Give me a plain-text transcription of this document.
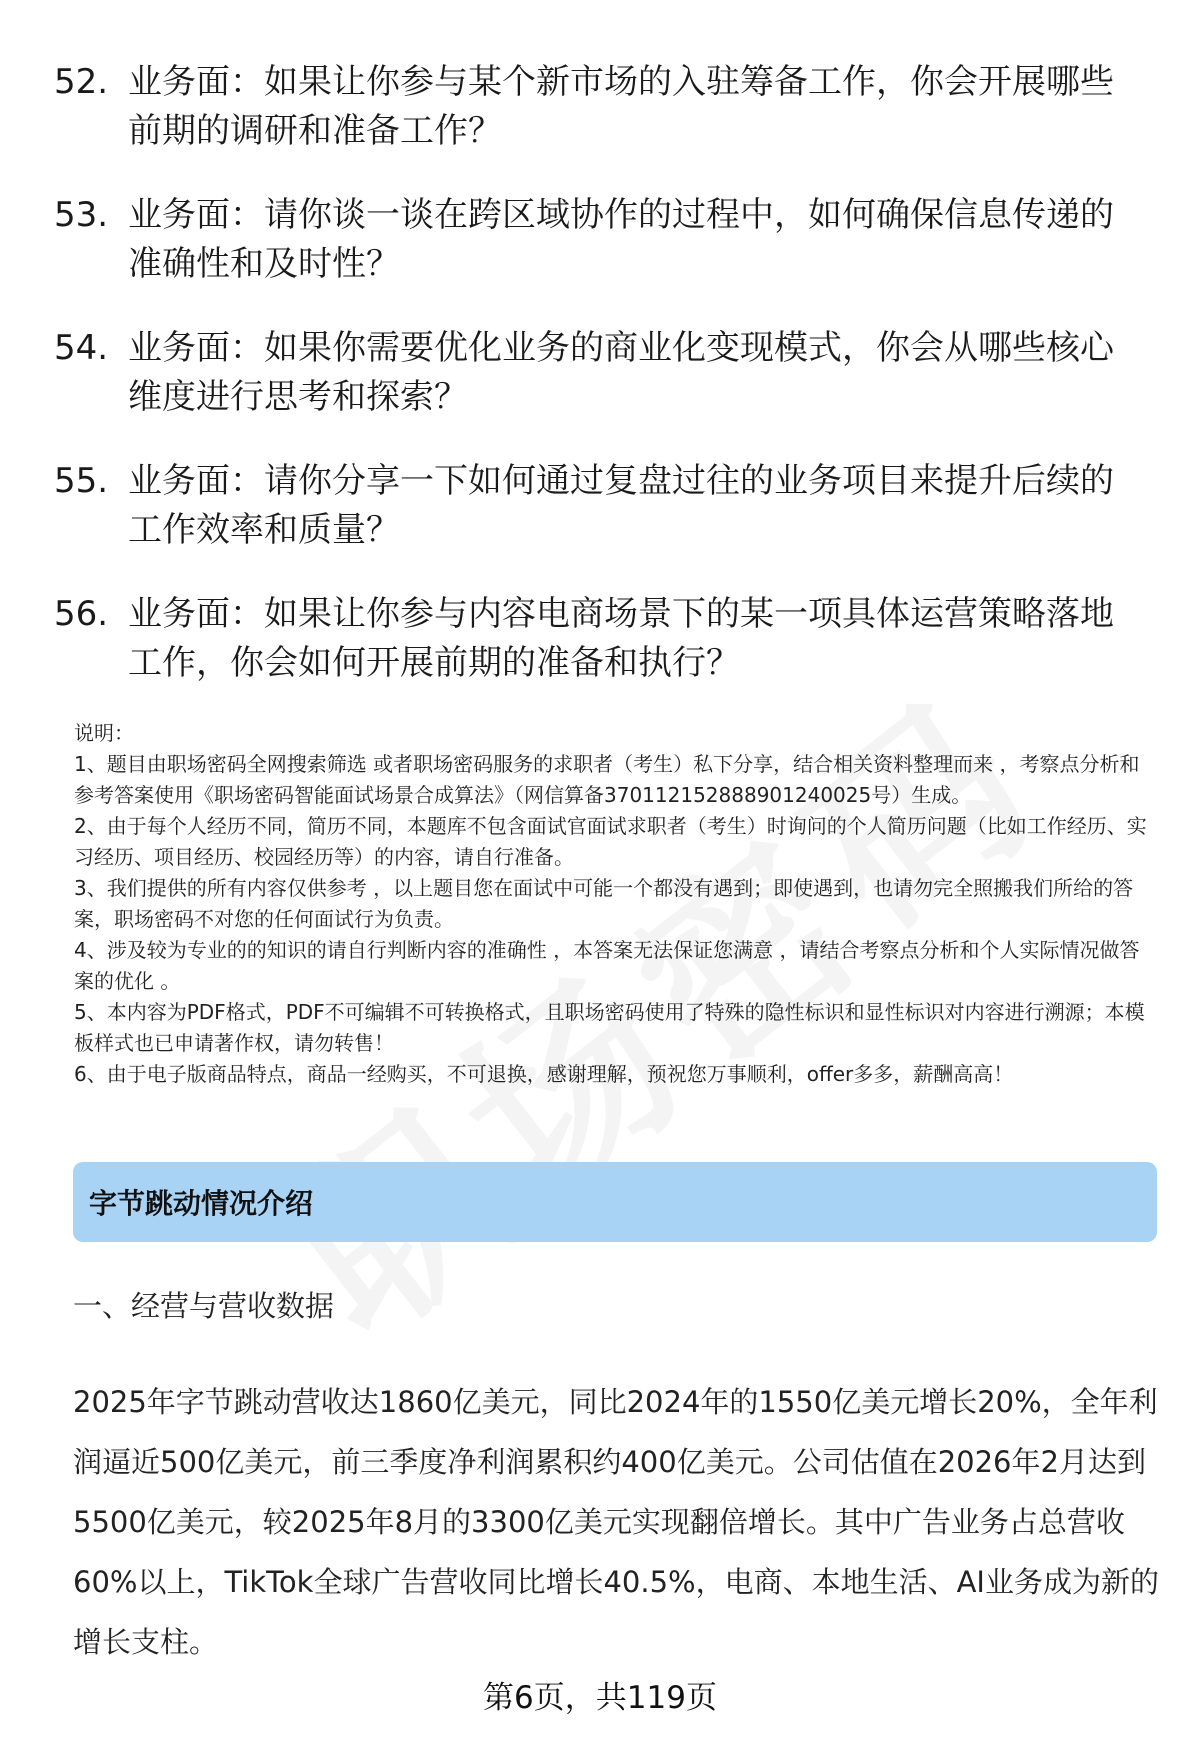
52. 业务面：如果让你参与某个新市场的入驻筹备工作，你会开展哪些前期的调研和准备工作？
53. 业务面：请你谈一谈在跨区域协作的过程中，如何确保信息传递的准确性和及时性？
54. 业务面：如果你需要优化业务的商业化变现模式，你会从哪些核心维度进行思考和探索？
55. 业务面：请你分享一下如何通过复盘过往的业务项目来提升后续的工作效率和质量？
56. 业务面：如果让你参与内容电商场景下的某一项具体运营策略落地工作，你会如何开展前期的准备和执行？
说明：
1、题目由职场密码全网搜索筛选 或者职场密码服务的求职者（考生）私下分享，结合相关资料整理而来 ，考察点分析和参考答案使用《职场密码智能面试场景合成算法》（网信算备370112152888901240025号）生成。
2、由于每个人经历不同，简历不同，本题库不包含面试官面试求职者（考生）时询问的个人简历问题（比如工作经历、实习经历、项目经历、校园经历等）的内容，请自行准备。
3、我们提供的所有内容仅供参考 ，以上题目您在面试中可能一个都没有遇到；即使遇到，也请勿完全照搬我们所给的答案，职场密码不对您的任何面试行为负责。
4、涉及较为专业的的知识的请自行判断内容的准确性 ，本答案无法保证您满意 ，请结合考察点分析和个人实际情况做答案的优化 。
5、本内容为PDF格式，PDF不可编辑不可转换格式，且职场密码使用了特殊的隐性标识和显性标识对内容进行溯源；本模板样式也已申请著作权，请勿转售！
6、由于电子版商品特点，商品一经购买，不可退换，感谢理解，预祝您万事顺利，offer多多，薪酬高高！
字节跳动情况介绍
一、经营与营收数据
2025年字节跳动营收达1860亿美元，同比2024年的1550亿美元增长20%，全年利润逼近500亿美元，前三季度净利润累积约400亿美元。公司估值在2026年2月达到5500亿美元，较2025年8月的3300亿美元实现翻倍增长。其中广告业务占总营收60%以上，TikTok全球广告营收同比增长40.5%，电商、本地生活、AI业务成为新的增长支柱。
第6页，共119页
